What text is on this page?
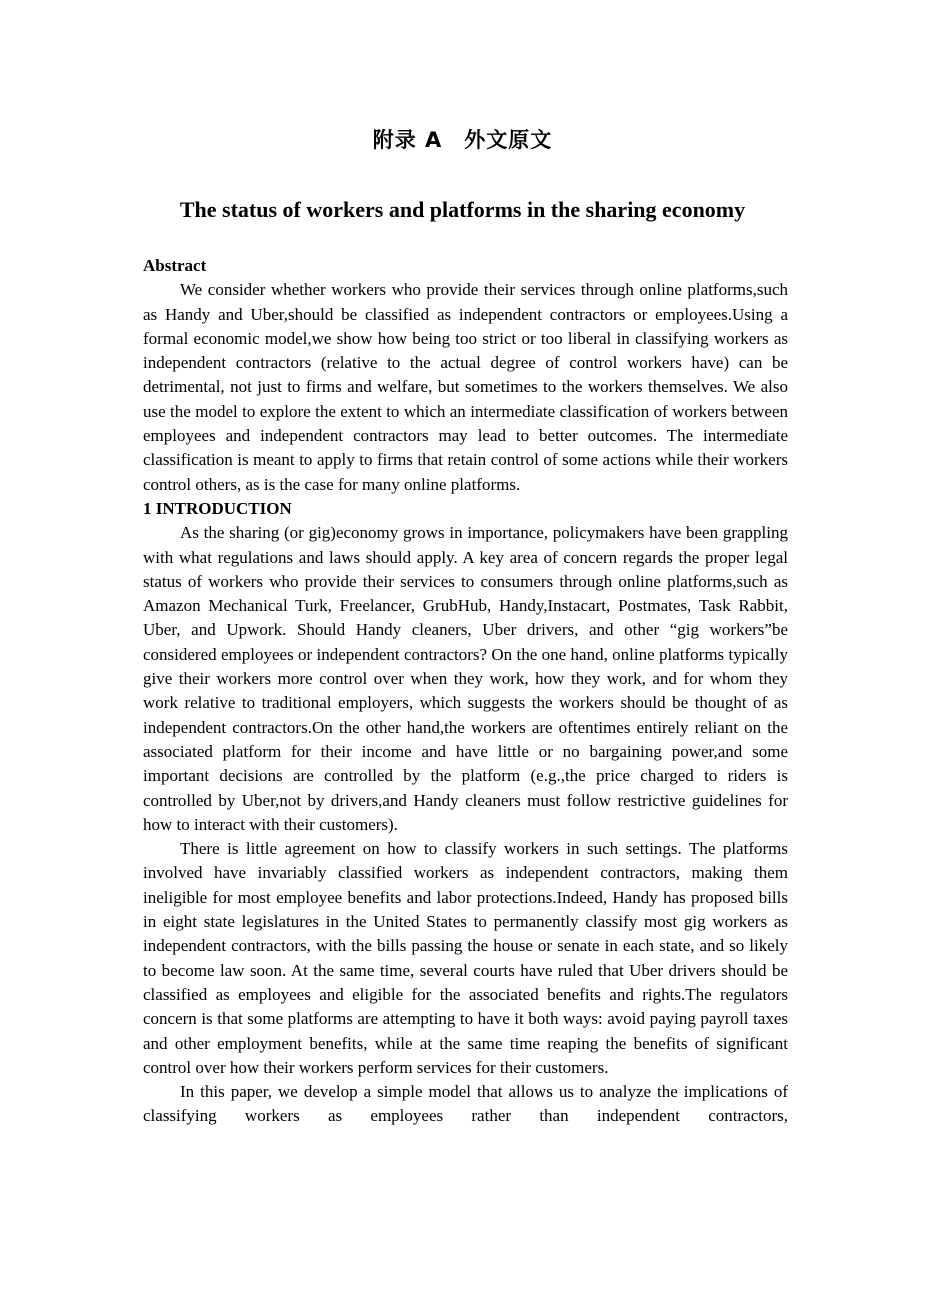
附录 A 外文原文
The status of workers and platforms in the sharing economy

Abstract

We consider whether workers who provide their services through online platforms,such as Handy and Uber,should be classified as independent contractors or employees.Using a formal economic model,we show how being too strict or too liberal in classifying workers as independent contractors (relative to the actual degree of control workers have) can be detrimental, not just to firms and welfare, but sometimes to the workers themselves. We also use the model to explore the extent to which an intermediate classification of workers between employees and independent contractors may lead to better outcomes. The intermediate classification is meant to apply to firms that retain control of some actions while their workers control others, as is the case for many online platforms.

1 INTRODUCTION

As the sharing (or gig)economy grows in importance, policymakers have been grappling with what regulations and laws should apply. A key area of concern regards the proper legal status of workers who provide their services to consumers through online platforms,such as Amazon Mechanical Turk, Freelancer, GrubHub, Handy,Instacart, Postmates, Task Rabbit, Uber, and Upwork. Should Handy cleaners, Uber drivers, and other “gig workers”be considered employees or independent contractors? On the one hand, online platforms typically give their workers more control over when they work, how they work, and for whom they work relative to traditional employers, which suggests the workers should be thought of as independent contractors.On the other hand,the workers are oftentimes entirely reliant on the associated platform for their income and have little or no bargaining power,and some important decisions are controlled by the platform (e.g.,the price charged to riders is controlled by Uber,not by drivers,and Handy cleaners must follow restrictive guidelines for how to interact with their customers).

There is little agreement on how to classify workers in such settings. The platforms involved have invariably classified workers as independent contractors, making them ineligible for most employee benefits and labor protections.Indeed, Handy has proposed bills in eight state legislatures in the United States to permanently classify most gig workers as independent contractors, with the bills passing the house or senate in each state, and so likely to become law soon. At the same time, several courts have ruled that Uber drivers should be classified as employees and eligible for the associated benefits and rights.The regulators concern is that some platforms are attempting to have it both ways: avoid paying payroll taxes and other employment benefits, while at the same time reaping the benefits of significant control over how their workers perform services for their customers.

In this paper, we develop a simple model that allows us to analyze the implications of classifying workers as employees rather than independent contractors,
